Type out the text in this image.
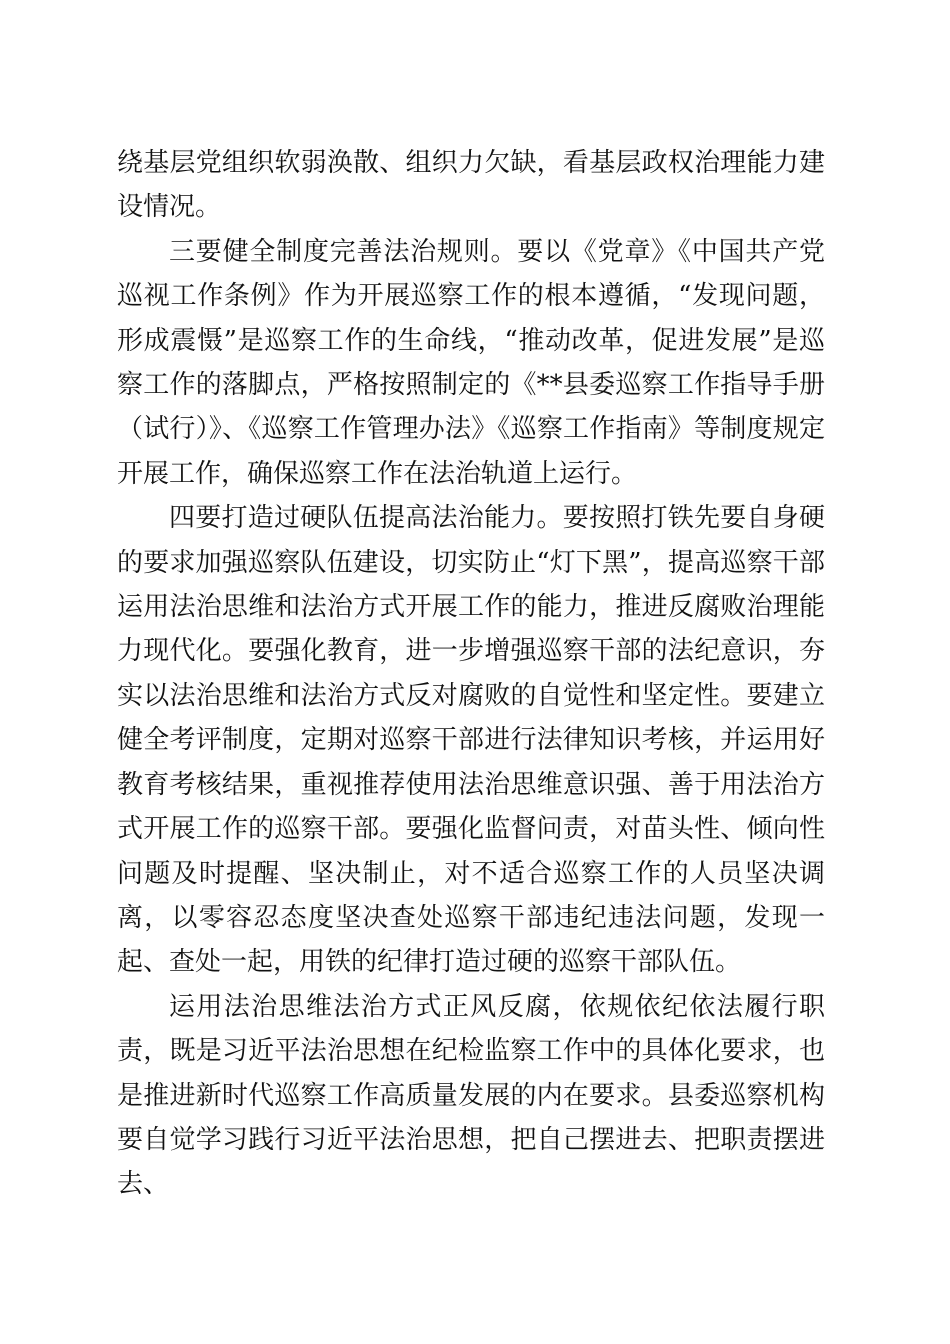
绕基层党组织软弱涣散、组织力欠缺，看基层政权治理能力建设情况。

三要健全制度完善法治规则。要以《党章》《中国共产党巡视工作条例》作为开展巡察工作的根本遵循，“发现问题，形成震慑”是巡察工作的生命线，“推动改革，促进发展”是巡察工作的落脚点，严格按照制定的《**县委巡察工作指导手册（试行）》、《巡察工作管理办法》《巡察工作指南》等制度规定开展工作，确保巡察工作在法治轨道上运行。

四要打造过硬队伍提高法治能力。要按照打铁先要自身硬的要求加强巡察队伍建设，切实防止“灯下黑”，提高巡察干部运用法治思维和法治方式开展工作的能力，推进反腐败治理能力现代化。要强化教育，进一步增强巡察干部的法纪意识，夯实以法治思维和法治方式反对腐败的自觉性和坚定性。要建立健全考评制度，定期对巡察干部进行法律知识考核，并运用好教育考核结果，重视推荐使用法治思维意识强、善于用法治方式开展工作的巡察干部。要强化监督问责，对苗头性、倾向性问题及时提醒、坚决制止，对不适合巡察工作的人员坚决调离，以零容忍态度坚决查处巡察干部违纪违法问题，发现一起、查处一起，用铁的纪律打造过硬的巡察干部队伍。

运用法治思维法治方式正风反腐，依规依纪依法履行职责，既是习近平法治思想在纪检监察工作中的具体化要求，也是推进新时代巡察工作高质量发展的内在要求。县委巡察机构要自觉学习践行习近平法治思想，把自己摆进去、把职责摆进去、
